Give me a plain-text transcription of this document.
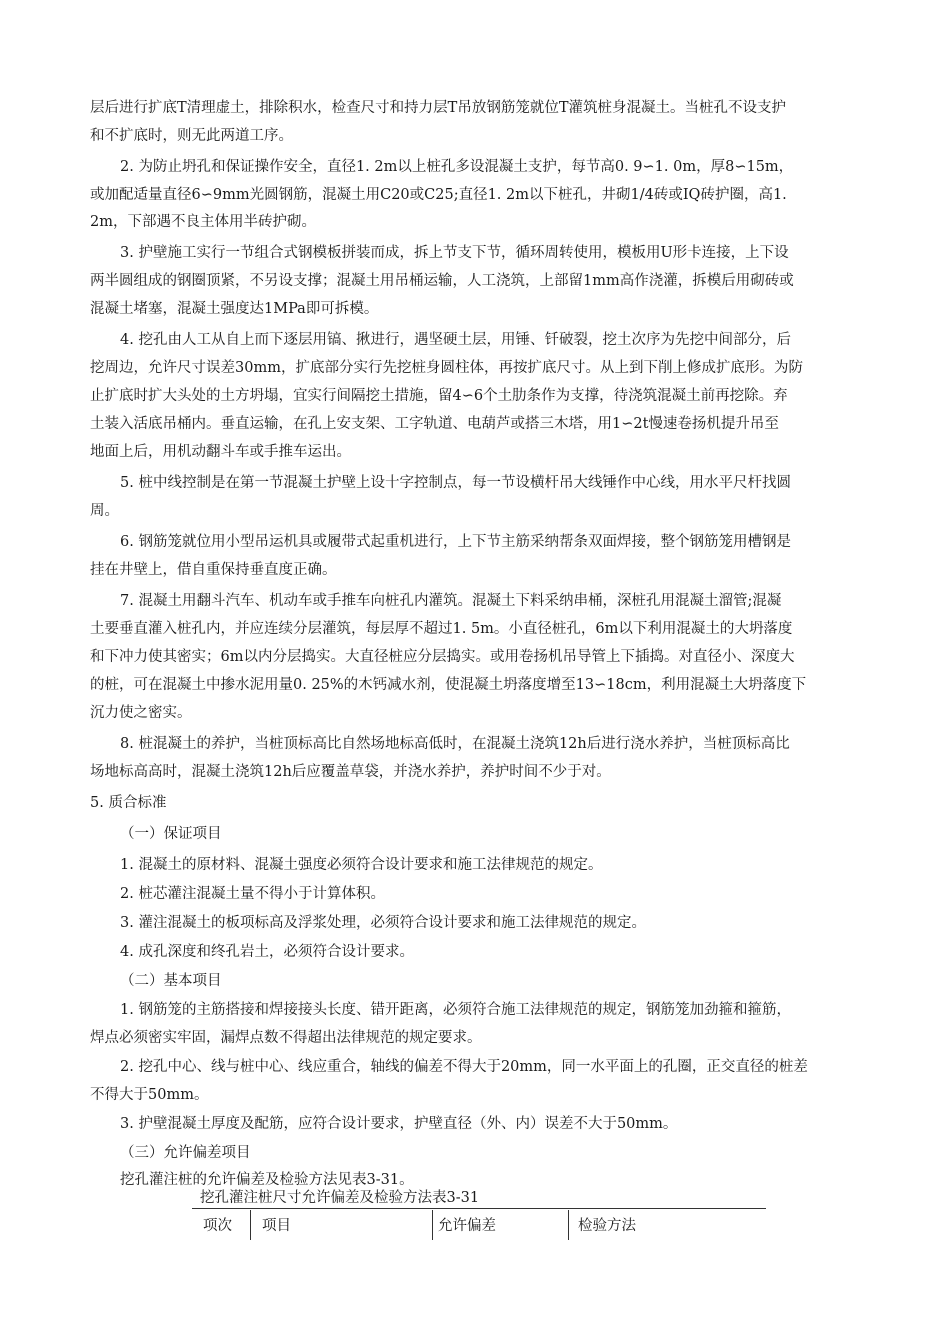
层后进行扩底T清理虚土，排除积水，检查尺寸和持力层T吊放钢筋笼就位T灌筑桩身混凝土。当桩孔不设支护
和不扩底时，则无此两道工序。
2. 为防止坍孔和保证操作安全，直径1. 2m以上桩孔多设混凝土支护，每节高0. 9∽1. 0m，厚8∽15m，
或加配适量直径6∽9mm光圆钢筋，混凝土用C20或C25;直径1. 2m以下桩孔，井砌1/4砖或IQ砖护圈，高1.
2m，下部遇不良主体用半砖护砌。
3. 护壁施工实行一节组合式钢模板拼装而成，拆上节支下节，循环周转使用，模板用U形卡连接，上下设
两半圆组成的钢圈顶紧，不另设支撑；混凝土用吊桶运输，人工浇筑，上部留1mm高作浇灌，拆模后用砌砖或
混凝土堵塞，混凝土强度达1MPa即可拆模。
4. 挖孔由人工从自上而下逐层用镐、揪进行，遇坚硬土层，用锤、钎破裂，挖土次序为先挖中间部分，后
挖周边，允许尺寸误差30mm，扩底部分实行先挖桩身圆柱体，再按扩底尺寸。从上到下削上修成扩底形。为防
止扩底时扩大头处的土方坍塌，宜实行间隔挖土措施，留4∽6个土肋条作为支撑，待浇筑混凝土前再挖除。弃
土装入活底吊桶内。垂直运输，在孔上安支架、工字轨道、电葫芦或搭三木塔，用1∽2t慢速卷扬机提升吊至
地面上后，用机动翻斗车或手推车运出。
5. 桩中线控制是在第一节混凝土护壁上设十字控制点，每一节设横杆吊大线锤作中心线，用水平尺杆找圆
周。
6. 钢筋笼就位用小型吊运机具或履带式起重机进行，上下节主筋采纳帮条双面焊接，整个钢筋笼用槽钢是
挂在井壁上，借自重保持垂直度正确。
7. 混凝土用翻斗汽车、机动车或手推车向桩孔内灌筑。混凝土下料采纳串桶，深桩孔用混凝土溜管;混凝
土要垂直灌入桩孔内，并应连续分层灌筑，每层厚不超过1. 5m。小直径桩孔，6m以下利用混凝土的大坍落度
和下冲力使其密实；6m以内分层捣实。大直径桩应分层捣实。或用卷扬机吊导管上下插捣。对直径小、深度大
的桩，可在混凝土中掺水泥用量0. 25%的木钙减水剂，使混凝土坍落度增至13∽18cm，利用混凝土大坍落度下
沉力使之密实。
8. 桩混凝土的养护，当桩顶标高比自然场地标高低时，在混凝土浇筑12h后进行浇水养护，当桩顶标高比
场地标高高时，混凝土浇筑12h后应覆盖草袋，并浇水养护，养护时间不少于对。
5. 质合标准
（一）保证项目
1. 混凝土的原材料、混凝土强度必须符合设计要求和施工法律规范的规定。
2. 桩芯灌注混凝土量不得小于计算体积。
3. 灌注混凝土的板项标高及浮浆处理，必须符合设计要求和施工法律规范的规定。
4. 成孔深度和终孔岩土，必须符合设计要求。
（二）基本项目
1. 钢筋笼的主筋搭接和焊接接头长度、错开距离，必须符合施工法律规范的规定，钢筋笼加劲箍和箍筋，
焊点必须密实牢固，漏焊点数不得超出法律规范的规定要求。
2. 挖孔中心、线与桩中心、线应重合，轴线的偏差不得大于20mm，同一水平面上的孔圈，正交直径的桩差
不得大于50mm。
3. 护壁混凝土厚度及配筋，应符合设计要求，护壁直径（外、内）误差不大于50mm。
（三）允许偏差项目
挖孔灌注桩的允许偏差及检验方法见表3-31。
挖孔灌注桩尺寸允许偏差及检验方法表3-31
项次 项目	允许偏差	检验方法
